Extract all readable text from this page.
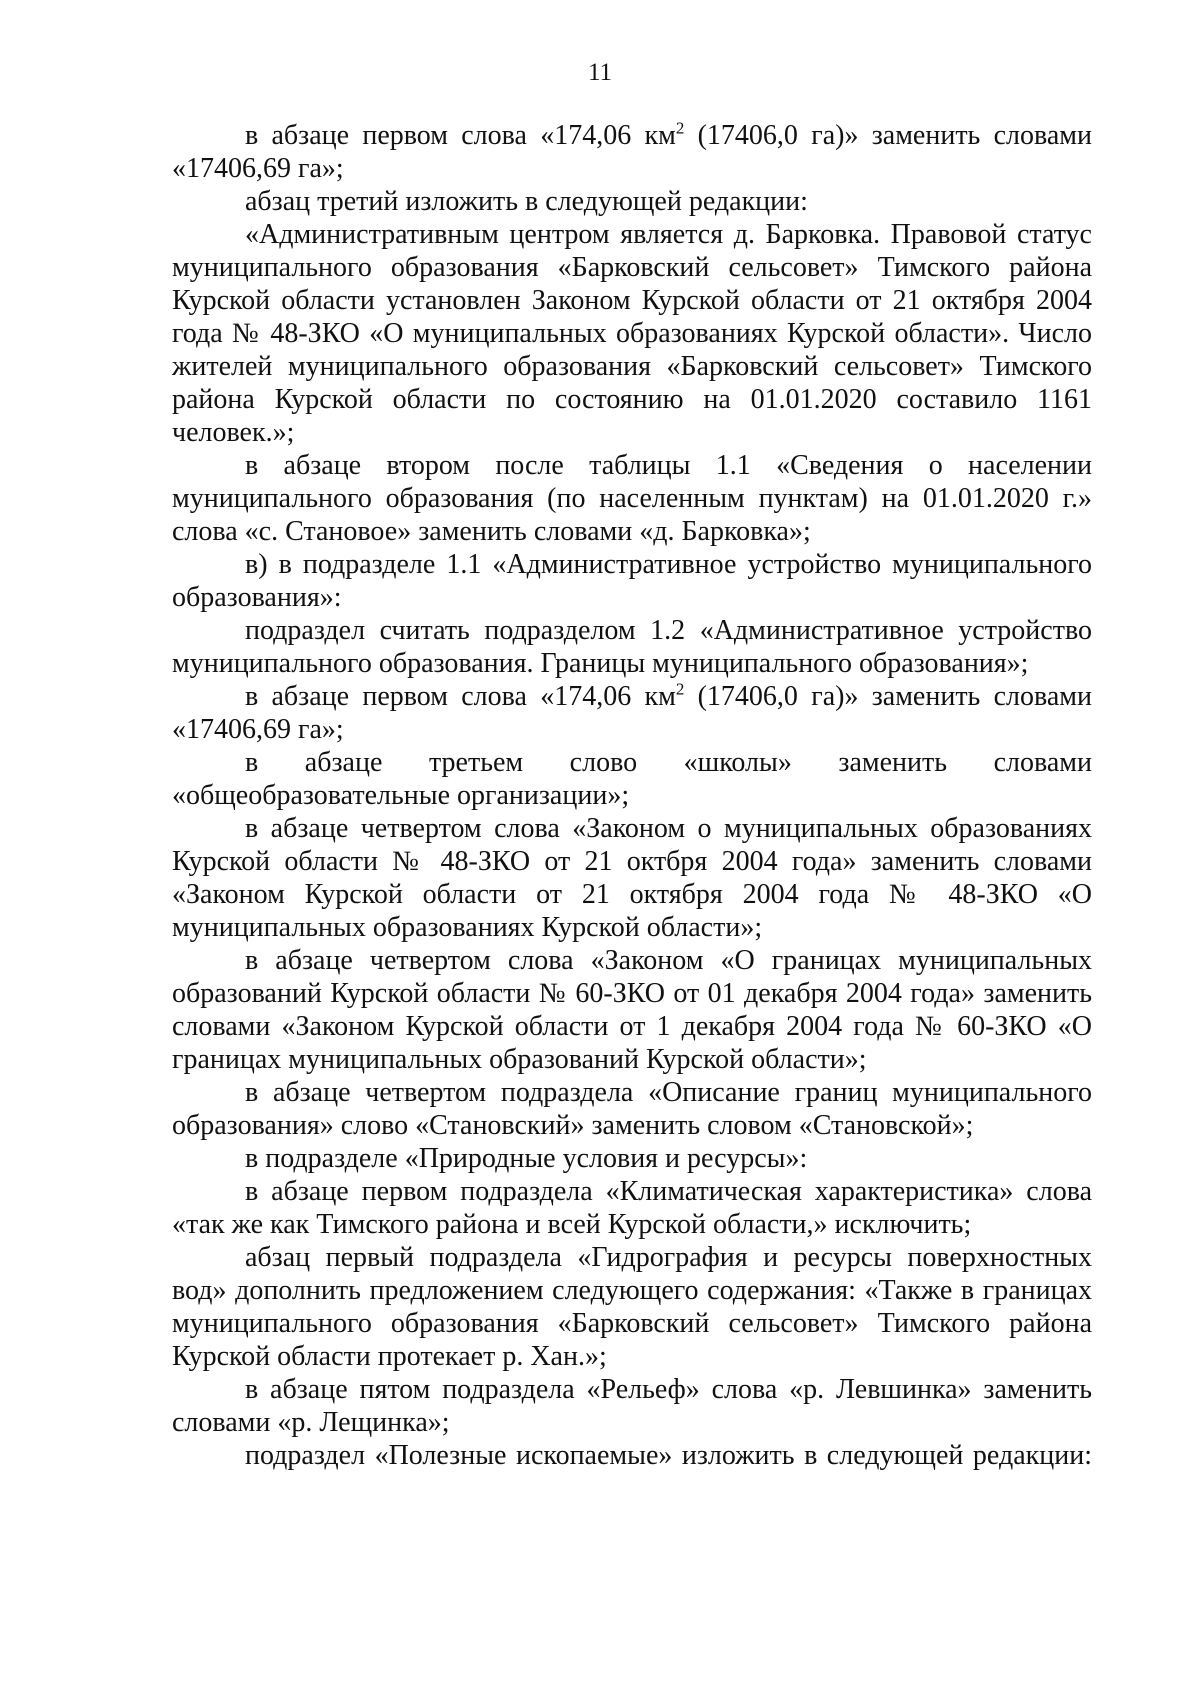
11

в абзаце первом слова «174,06 $км^2$ (17406,0 га)» заменить словами «17406,69 га»;

абзац третий изложить в следующей редакции:

«Административным центром является д. Барковка. Правовой статус муниципального образования «Барковский сельсовет» Тимского района Курской области установлен Законом Курской области от 21 октября 2004 года № 48-ЗКО «О муниципальных образованиях Курской области». Число жителей муниципального образования «Барковский сельсовет» Тимского района Курской области по состоянию на 01.01.2020 составило 1161 человек.»;

в абзаце втором после таблицы 1.1 «Сведения о населении муниципального образования (по населенным пунктам) на 01.01.2020 г.» слова «с. Становое» заменить словами «д. Барковка»;

в) в подразделе 1.1 «Административное устройство муниципального образования»:

подраздел считать подразделом 1.2 «Административное устройство муниципального образования. Границы муниципального образования»;

в абзаце первом слова «174,06 $км^2$ (17406,0 га)» заменить словами «17406,69 га»;

в абзаце третьем слово «школы» заменить словами «общеобразовательные организации»;

в абзаце четвертом слова «Законом о муниципальных образованиях Курской области № 48-ЗКО от 21 октбря 2004 года» заменить словами «Законом Курской области от 21 октября 2004 года № 48-ЗКО «О муниципальных образованиях Курской области»;

в абзаце четвертом слова «Законом «О границах муниципальных образований Курской области № 60-ЗКО от 01 декабря 2004 года» заменить словами «Законом Курской области от 1 декабря 2004 года № 60-ЗКО «О границах муниципальных образований Курской области»;

в абзаце четвертом подраздела «Описание границ муниципального образования» слово «Становский» заменить словом «Становской»;

в подразделе «Природные условия и ресурсы»:

в абзаце первом подраздела «Климатическая характеристика» слова «так же как Тимского района и всей Курской области,» исключить;

абзац первый подраздела «Гидрография и ресурсы поверхностных вод» дополнить предложением следующего содержания: «Также в границах муниципального образования «Барковский сельсовет» Тимского района Курской области протекает р. Хан.»;

в абзаце пятом подраздела «Рельеф» слова «р. Левшинка» заменить словами «р. Лещинка»;

подраздел «Полезные ископаемые» изложить в следующей редакции:
